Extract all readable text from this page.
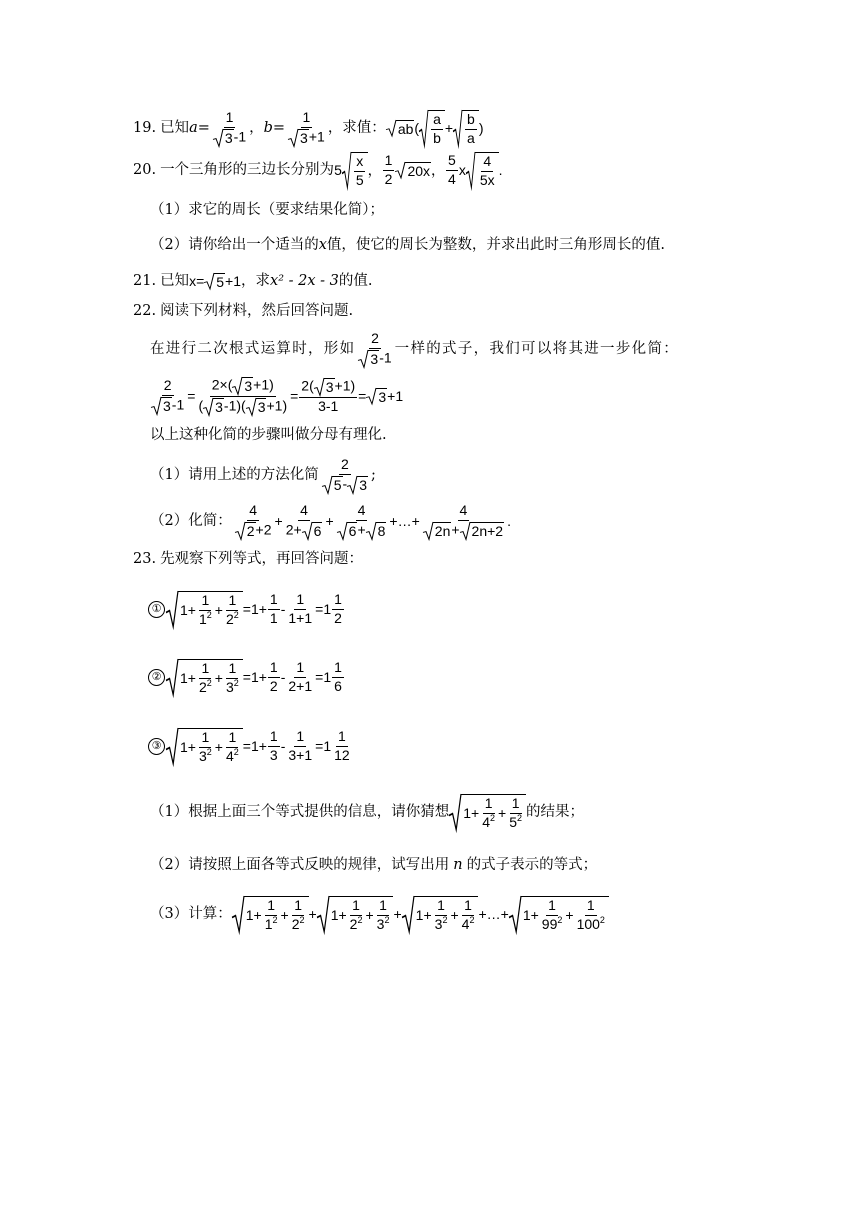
19. 已知 $a= \frac{1}{3 -1}$ ， $b= \frac{1}{3 +1}$ ，求值： ab ( $\frac{a}{b} + \frac{b}{a}$ )
20. 一个三角形的三边长分别为 $5 \frac{x}{5}$ ， $\frac{1}{2} 20x$ ， $\frac{5}{4}$ x $\frac{4}{5x}$ .
（1）求它的周长（要求结果化简）；
（2）请你给出一个适当的 x 值，使它的周长为整数，并求出此时三角形周长的值.
21. 已知 x= 5 +1 ，求 x² - 2x - 3 的值.
22. 阅读下列材料，然后回答问题.
在进行二次根式运算时，形如 $\frac{2}{3 -1}$ 一样的式子，我们可以将其进一步化简：
$\frac{2}{3 -1} = \frac{2\times( 3 +1)}{( 3 -1)( 3 +1)} = \frac{2( 3 +1)}{3-1} = 3 +1$
以上这种化简的步骤叫做分母有理化.
（1）请用上述的方法化简 $\frac{2}{5 - 3}$ ;
（2）化简： $\frac{4}{2 +2} + \frac{4}{2+ 6} + \frac{4}{6 + 8}$ +…+ $\frac{4}{2n + 2n+2}$ .
23. 先观察下列等式，再回答问题：
① $1+ \frac{1}{1^2} + \frac{1}{2^2} =1+ \frac{1}{1} - \frac{1}{1+1} =1 \frac{1}{2}$
② $1+ \frac{1}{2^2} + \frac{1}{3^2} =1+ \frac{1}{2} - \frac{1}{2+1} =1 \frac{1}{6}$
③ $1+ \frac{1}{3^2} + \frac{1}{4^2} =1+ \frac{1}{3} - \frac{1}{3+1} =1 \frac{1}{12}$
（1）根据上面三个等式提供的信息，请你猜想 $1+ \frac{1}{4^2} + \frac{1}{5^2}$ 的结果；
（2）请按照上面各等式反映的规律，试写出用 n 的式子表示的等式；
（3）计算： $1+ \frac{1}{1^2} + \frac{1}{2^2} + 1+ \frac{1}{2^2} + \frac{1}{3^2} + 1+ \frac{1}{3^2} + \frac{1}{4^2}$ +…+ $1+ \frac{1}{99^2} + \frac{1}{100^2}$
